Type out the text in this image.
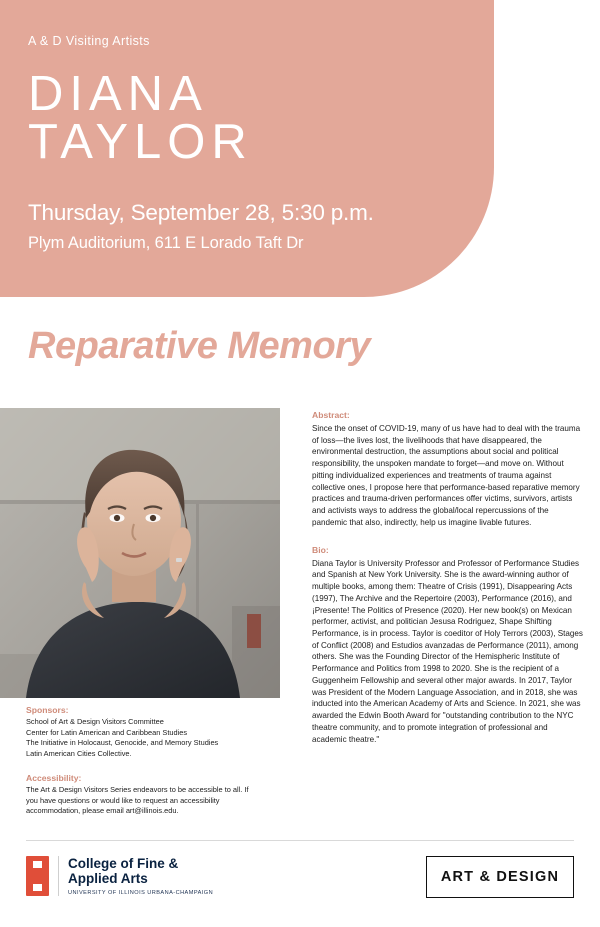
A & D Visiting Artists
DIANA
TAYLOR
Thursday, September 28, 5:30 p.m.
Plym Auditorium, 611 E Lorado Taft Dr
Reparative Memory
Sponsors:
School of Art & Design Visitors Committee
Center for Latin American and Caribbean Studies
The Initiative in Holocaust, Genocide, and Memory Studies
Latin American Cities Collective.
Accessibility:

The Art & Design Visitors Series endeavors to be accessible to all. If you have questions or would like to request an accessibility accommodation, please email art@illinois.edu.

Abstract:
Since the onset of COVID-19, many of us have had to deal with the trauma of loss—the lives lost, the livelihoods that have disappeared, the environmental destruction, the assumptions about social and political responsibility, the unspoken mandate to forget—and move on. Without pitting individualized experiences and treatments of trauma against collective ones, I propose here that performance-based reparative memory practices and trauma-driven performances offer victims, survivors, artists and activists ways to address the global/local repercussions of the pandemic that also, indirectly, help us imagine livable futures.
Bio:
Diana Taylor is University Professor and Professor of Performance Studies and Spanish at New York University. She is the award-winning author of multiple books, among them: Theatre of Crisis (1991), Disappearing Acts (1997), The Archive and the Repertoire (2003), Performance (2016), and ¡Presente! The Politics of Presence (2020). Her new book(s) on Mexican performer, activist, and politician Jesusa Rodriguez, Shape Shifting Performance, is in process. Taylor is coeditor of Holy Terrors (2003), Stages of Conflict (2008) and Estudios avanzadas de Performance (2011), among others. She was the Founding Director of the Hemispheric Institute of Performance and Politics from 1998 to 2020. She is the recipient of a Guggenheim Fellowship and several other major awards. In 2017, Taylor was President of the Modern Language Association, and in 2018, she was inducted into the American Academy of Arts and Science. In 2021, she was awarded the Edwin Booth Award for "outstanding contribution to the NYC theatre community, and to promote integration of professional and academic theatre."
College of Fine &
Applied Arts
UNIVERSITY OF ILLINOIS URBANA-CHAMPAIGN
ART & DESIGN
